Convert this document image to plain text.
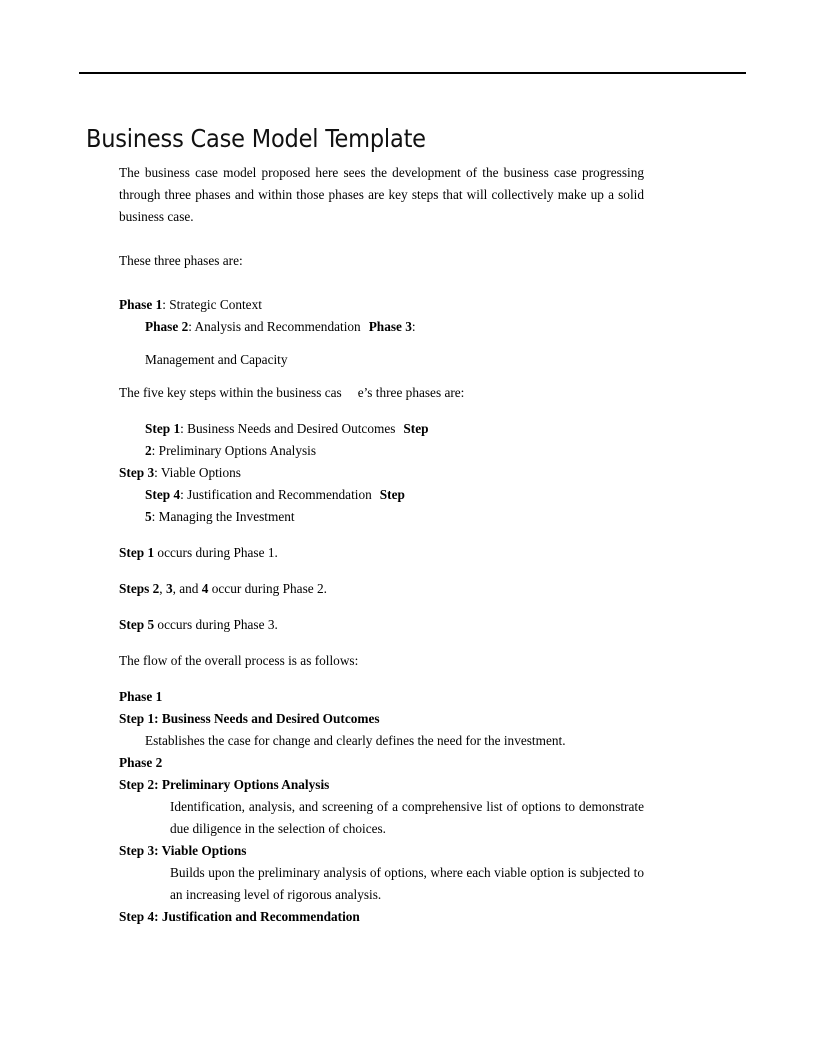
Business Case Model Template

The business case model proposed here sees the development of the business case progressing through three phases and within those phases are key steps that will collectively make up a solid business case.

These three phases are:

Phase 1: Strategic Context

Phase 2: Analysis and Recommendation Phase 3:

Management and Capacity

The five key steps within the business cas e’s three phases are:

Step 1: Business Needs and Desired Outcomes Step

2: Preliminary Options Analysis

Step 3: Viable Options

Step 4: Justification and Recommendation Step

5: Managing the Investment

Step 1 occurs during Phase 1.

Steps 2, 3, and 4 occur during Phase 2.

Step 5 occurs during Phase 3.

The flow of the overall process is as follows:

Phase 1

Step 1: Business Needs and Desired Outcomes

Establishes the case for change and clearly defines the need for the investment.

Phase 2

Step 2: Preliminary Options Analysis

Identification, analysis, and screening of a comprehensive list of options to demonstrate due diligence in the selection of choices.

Step 3: Viable Options

Builds upon the preliminary analysis of options, where each viable option is subjected to an increasing level of rigorous analysis.

Step 4: Justification and Recommendation
